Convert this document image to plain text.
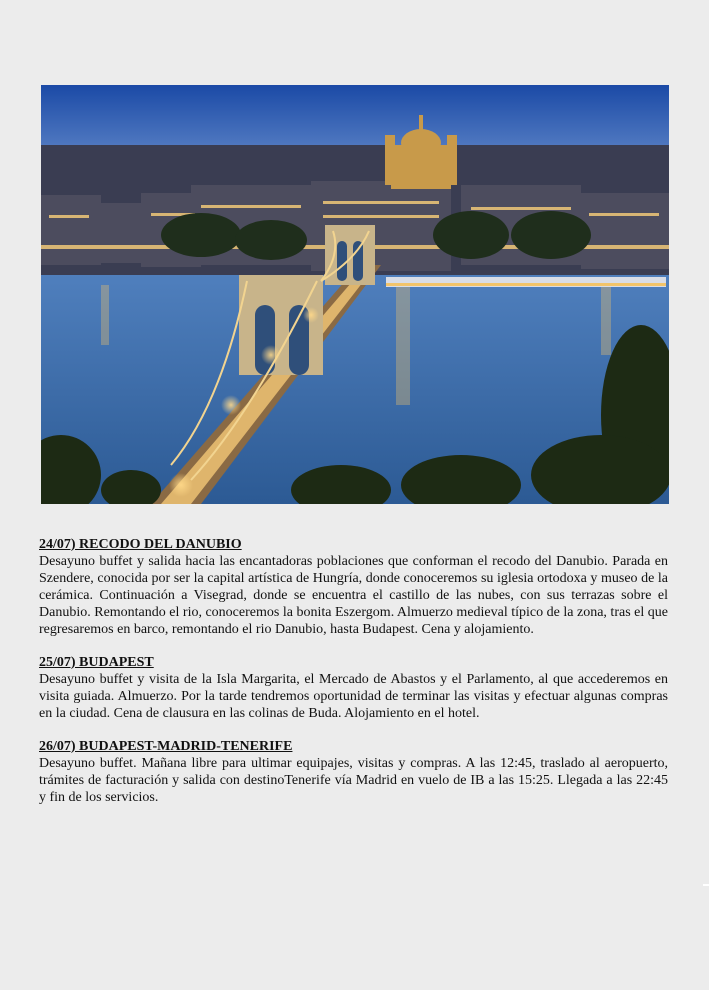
24/07) RECODO DEL DANUBIO

Desayuno buffet y salida hacia las encantadoras poblaciones que conforman el recodo del Danubio. Parada en Szendere, conocida por ser la capital artística de Hungría, donde conoceremos su iglesia ortodoxa y museo de la cerámica. Continuación a Visegrad, donde se encuentra el castillo de las nubes, con sus terrazas sobre el Danubio. Remontando el rio, conoceremos la bonita Eszergom. Almuerzo medieval típico de la zona, tras el que regresaremos en barco, remontando el rio Danubio, hasta Budapest. Cena y alojamiento.

25/07) BUDAPEST

Desayuno buffet y visita de la Isla Margarita, el Mercado de Abastos y el Parlamento, al que accederemos en visita guiada. Almuerzo. Por la tarde tendremos oportunidad de terminar las visitas y efectuar algunas compras en la ciudad. Cena de clausura en las colinas de Buda. Alojamiento en el hotel.

26/07) BUDAPEST-MADRID-TENERIFE

Desayuno buffet. Mañana libre para ultimar equipajes, visitas y compras. A las 12:45, traslado al aeropuerto, trámites de facturación y salida con destinoTenerife vía Madrid en vuelo de IB a las 15:25. Llegada a las 22:45 y fin de los servicios.
